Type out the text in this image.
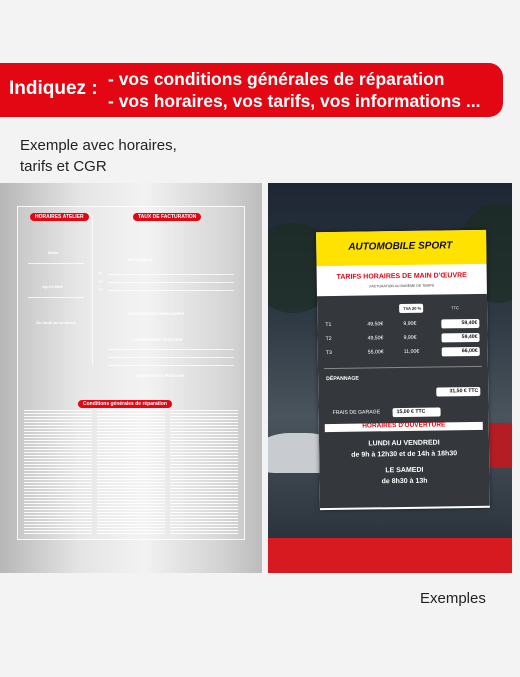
Indiquez : - vos conditions générales de réparation
- vos horaires, vos tarifs, vos informations ...
Exemple avec horaires,
tarifs et CGR
HORAIRES ATELIER	TAUX DE FACTURATION
Matin
Après-Midi
Du lundi au vendredi
MÉCANIQUE
T1
T2
T3
OPÉRATIONS FORFAITAIRES
CARROSSERIE PEINTURE
INGRÉDIENTS PEINTURE
Conditions générales de réparation
AUTOMOBILE SPORT
TARIFS HORAIRES DE MAIN D'ŒUVRE
FACTURATION AU BARÈME DE TEMPS
TVA 20 %	TTC
T1	49,50€	9,90€	59,40€
T2	49,50€	9,90€	59,40€
T3	55,00€	11,00€	66,00€
DÉPANNAGE
31,50 € TTC
FRAIS DE GARAGE	15,00 € TTC
HORAIRES D'OUVERTURE
LUNDI AU VENDREDI
de 9h à 12h30 et de 14h à 18h30
LE SAMEDI
de 8h30 à 13h
Exemples
